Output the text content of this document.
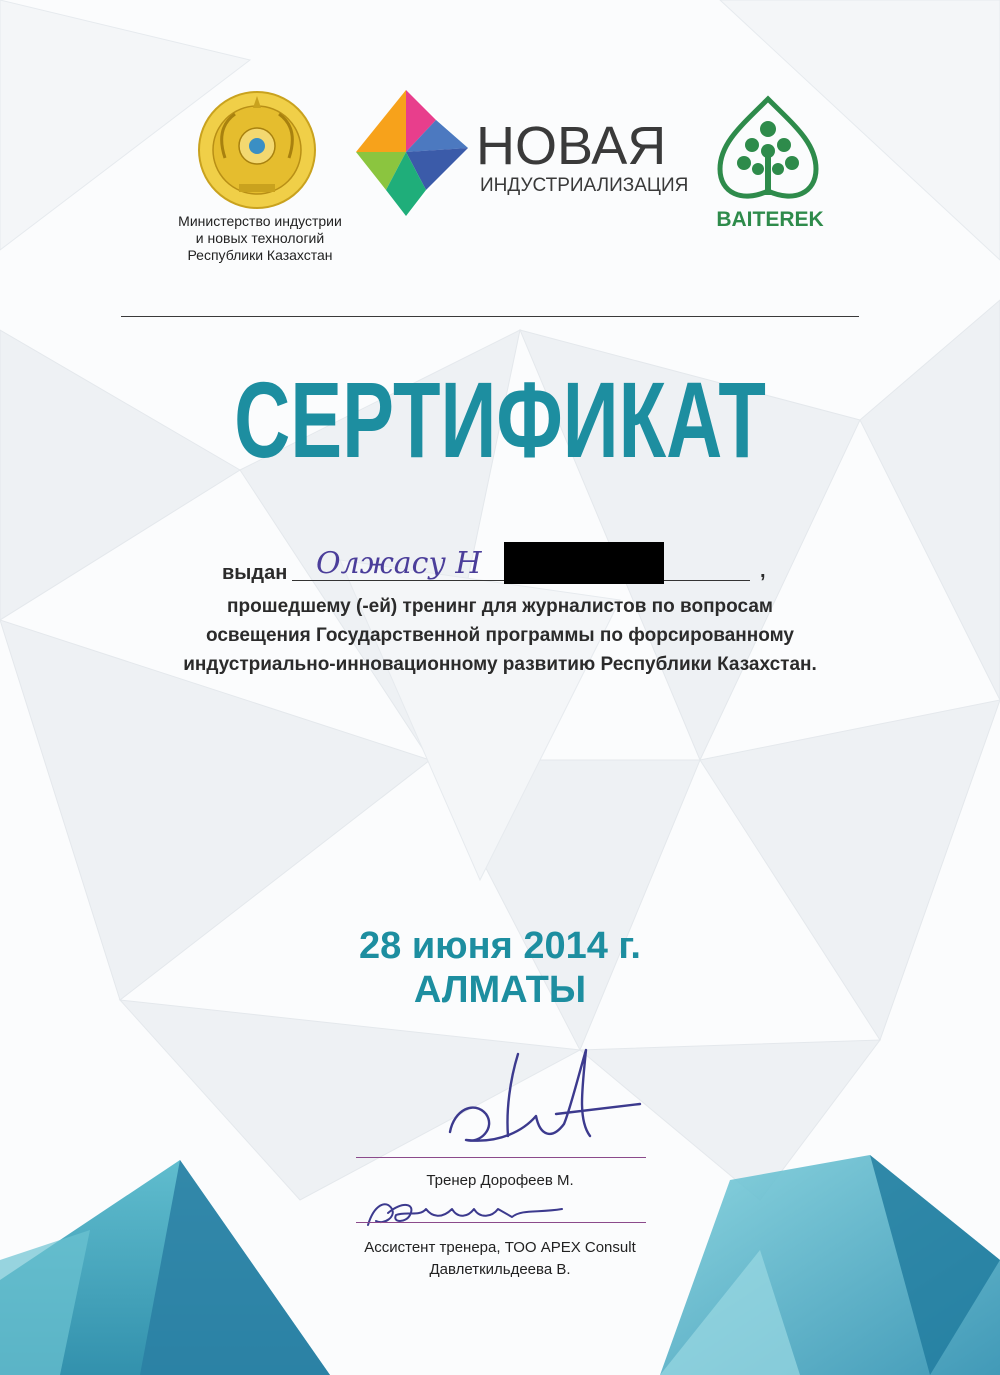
Министерство индустрии
и новых технологий
Республики Казахстан
НОВАЯ
ИНДУСТРИАЛИЗАЦИЯ
BAITEREK
СЕРТИФИКАТ
выдан Олжасу Н	,
прошедшему (-ей) тренинг для журналистов по вопросам
освещения Государственной программы по форсированному
индустриально-инновационному развитию Республики Казахстан.
28 июня 2014 г.
АЛМАТЫ
Тренер Дорофеев М.
Ассистент тренера, ТОО APEX Consult
Давлеткильдеева В.
